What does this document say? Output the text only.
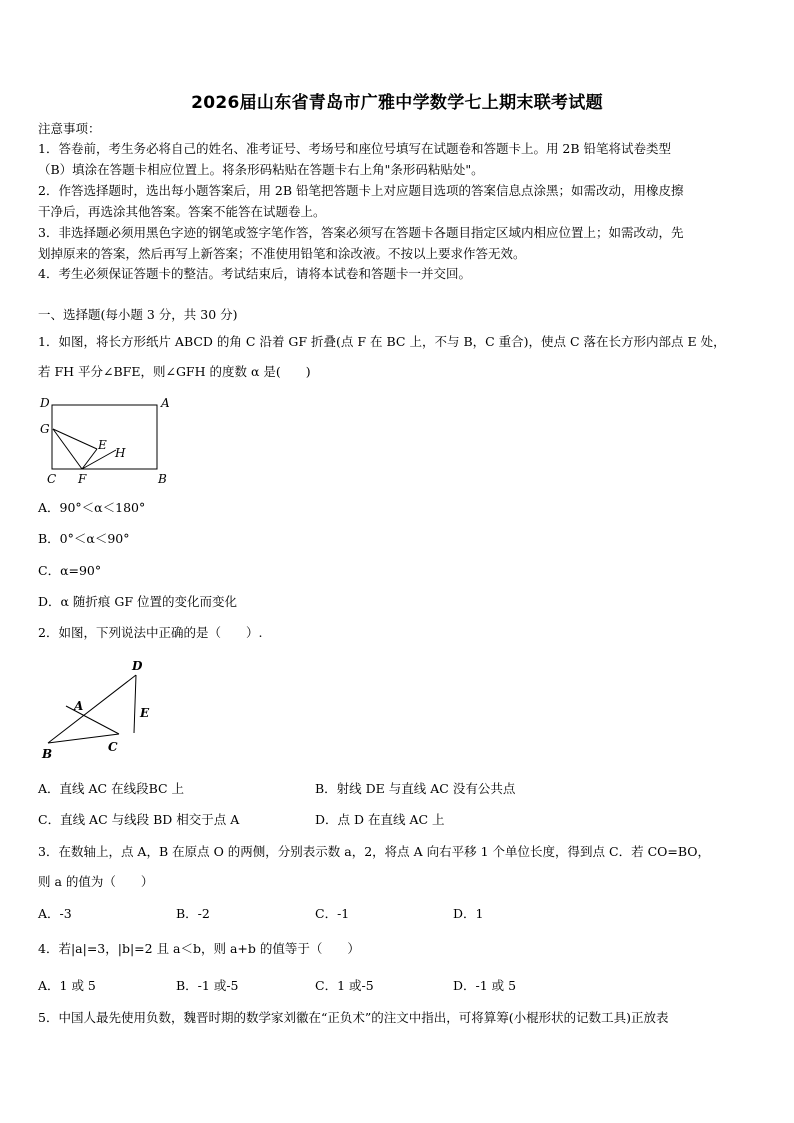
2026届山东省青岛市广雅中学数学七上期末联考试题
注意事项：
1．答卷前，考生务必将自己的姓名、准考证号、考场号和座位号填写在试题卷和答题卡上。用 2B 铅笔将试卷类型
（B）填涂在答题卡相应位置上。将条形码粘贴在答题卡右上角"条形码粘贴处"。
2．作答选择题时，选出每小题答案后，用 2B 铅笔把答题卡上对应题目选项的答案信息点涂黑；如需改动，用橡皮擦
干净后，再选涂其他答案。答案不能答在试题卷上。
3．非选择题必须用黑色字迹的钢笔或签字笔作答，答案必须写在答题卡各题目指定区域内相应位置上；如需改动，先
划掉原来的答案，然后再写上新答案；不准使用铅笔和涂改液。不按以上要求作答无效。
4．考生必须保证答题卡的整洁。考试结束后，请将本试卷和答题卡一并交回。
一、选择题(每小题 3 分，共 30 分)
1．如图，将长方形纸片 ABCD 的角 C 沿着 GF 折叠(点 F 在 BC 上，不与 B，C 重合)，使点 C 落在长方形内部点 E 处，
若 FH 平分∠BFE，则∠GFH 的度数 α 是(　　)
D	A
G
E
H
C F	B
A．90°＜α＜180°
B．0°＜α＜90°
C．α=90°
D．α 随折痕 GF 位置的变化而变化
2．如图，下列说法中正确的是（　　）.
D
E
A
B	C
A．直线 AC 在线段BC 上	B．射线 DE 与直线 AC 没有公共点
C．直线 AC 与线段 BD 相交于点 A	D．点 D 在直线 AC 上
3．在数轴上，点 A，B 在原点 O 的两侧，分别表示数 a，2，将点 A 向右平移 1 个单位长度，得到点 C．若 CO=BO，
则 a 的值为（　　）
A．-3	B．-2	C．-1	D．1
4．若|a|=3，|b|=2 且 a＜b，则 a+b 的值等于（　　）
A．1 或 5	B．-1 或-5	C．1 或-5	D．-1 或 5
5．中国人最先使用负数，魏晋时期的数学家刘徽在“正负术”的注文中指出，可将算筹(小棍形状的记数工具)正放表
